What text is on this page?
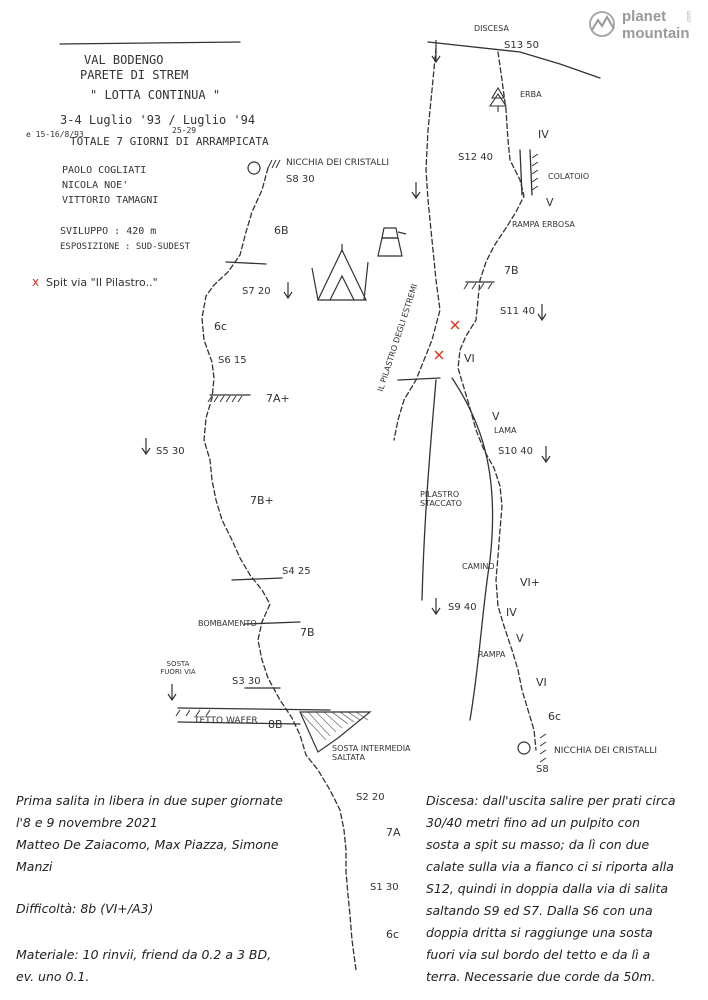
planet
mountain
.com
VAL BODENGO
PARETE DI STREM
" LOTTA CONTINUA "
3-4 Luglio '93 / Luglio '94
25-29
e 15-16/8/93
TOTALE 7 GIORNI DI ARRAMPICATA
PAOLO COGLIATI
NICOLA NOE'
VITTORIO TAMAGNI
SVILUPPO : 420 m
ESPOSIZIONE : SUD-SUDEST
x Spit via "Il Pilastro.."
NICCHIA DEI CRISTALLI
S8 30
6B
S7 20
6c
S6 15
7A+
S5 30
7B+
S4 25
BOMBAMENTO
7B
SOSTA FUORI VIA
S3 30
TETTO WAFER 8B
SOSTA INTERMEDIA SALTATA
S2 20
7A
S1 30
6c
DISCESA
S13 50
ERBA
IV
S12 40
COLATOIO
V
RAMPA ERBOSA
7B
S11 40
VI
V
LAMA
S10 40
PILASTRO STACCATO
CAMINO
VI+
S9 40	IV
V
RAMPA
VI
6c
NICCHIA DEI CRISTALLI
S8
IL PILASTRO DEGLI ESTREMI
Prima salita in libera in due super giornate
l'8 e 9 novembre 2021
Matteo De Zaiacomo, Max Piazza, Simone
Manzi
Difficoltà: 8b (VI+/A3)
Materiale: 10 rinvii, friend da 0.2 a 3 BD,
ev. uno 0.1.
Discesa: dall'uscita salire per prati circa
30/40 metri fino ad un pulpito con
sosta a spit su masso; da lì con due
calate sulla via a fianco ci si riporta alla
S12, quindi in doppia dalla via di salita
saltando S9 ed S7. Dalla S6 con una
doppia dritta si raggiunge una sosta
fuori via sul bordo del tetto e da lì a
terra. Necessarie due corde da 50m.
